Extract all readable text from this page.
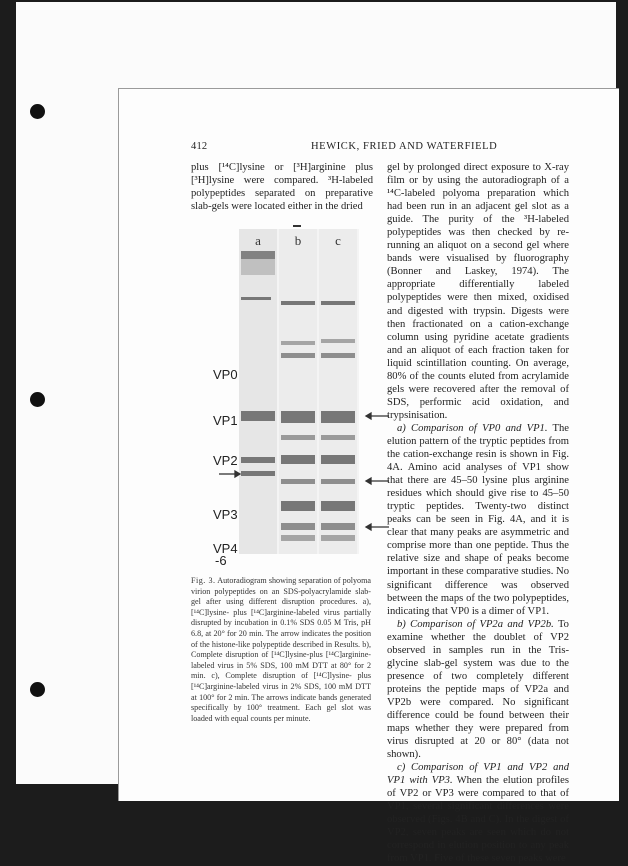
412	HEWICK, FRIED AND WATERFIELD

plus [¹⁴C]lysine or [³H]arginine plus [³H]lysine were compared. ³H-labeled polypeptides separated on preparative slab-gels were located either in the dried

a	b	c
VP0
VP1
VP2
VP3
VP4
-6
Fig. 3. Autoradiogram showing separation of polyoma virion polypeptides on an SDS-polyacrylamide slab-gel after using different disruption procedures. a), [¹⁴C]lysine- plus [¹⁴C]arginine-labeled virus partially disrupted by incubation in 0.1% SDS 0.05 M Tris, pH 6.8, at 20° for 20 min. The arrow indicates the position of the histone-like polypeptide described in Results. b), Complete disruption of [¹⁴C]lysine-plus [¹⁴C]arginine-labeled virus in 5% SDS, 100 mM DTT at 80° for 2 min. c), Complete disruption of [¹⁴C]lysine- plus [¹⁴C]arginine-labeled virus in 2% SDS, 100 mM DTT at 100° for 2 min. The arrows indicate bands generated specifically by 100° treatment. Each gel slot was loaded with equal counts per minute.

gel by prolonged direct exposure to X-ray film or by using the autoradiograph of a ¹⁴C-labeled polyoma preparation which had been run in an adjacent gel slot as a guide. The purity of the ³H-labeled polypeptides was then checked by re-running an aliquot on a second gel where bands were visualised by fluorography (Bonner and Laskey, 1974). The appropriate differentially labeled polypeptides were then mixed, oxidised and digested with trypsin. Digests were then fractionated on a cation-exchange column using pyridine acetate gradients and an aliquot of each fraction taken for liquid scintillation counting. On average, 80% of the counts eluted from acrylamide gels were recovered after the removal of SDS, performic acid oxidation, and trypsinisation.

a) Comparison of VP0 and VP1. The elution pattern of the tryptic peptides from the cation-exchange resin is shown in Fig. 4A. Amino acid analyses of VP1 show that there are 45–50 lysine plus arginine residues which should give rise to 45–50 tryptic peptides. Twenty-two distinct peaks can be seen in Fig. 4A, and it is clear that many peaks are asymmetric and comprise more than one peptide. Thus the relative size and shape of peaks become important in these comparative studies. No significant difference was observed between the maps of the two polypeptides, indicating that VP0 is a dimer of VP1.

b) Comparison of VP2a and VP2b. To examine whether the doublet of VP2 observed in samples run in the Tris-glycine slab-gel system was due to the presence of two completely different proteins the peptide maps of VP2a and VP2b were compared. No significant difference could be found between their maps whether they were prepared from virus disrupted at 20 or 80° (data not shown).

c) Comparison of VP1 and VP2 and VP1 with VP3. When the elution profiles of VP2 or VP3 were compared to that of VP1, several significant differences were observed (Figs. 4B and C). In the digest of VP2, seven peaks are seen which do not correspond in elution position to any peak from VP1. Five of these seven peaks were
